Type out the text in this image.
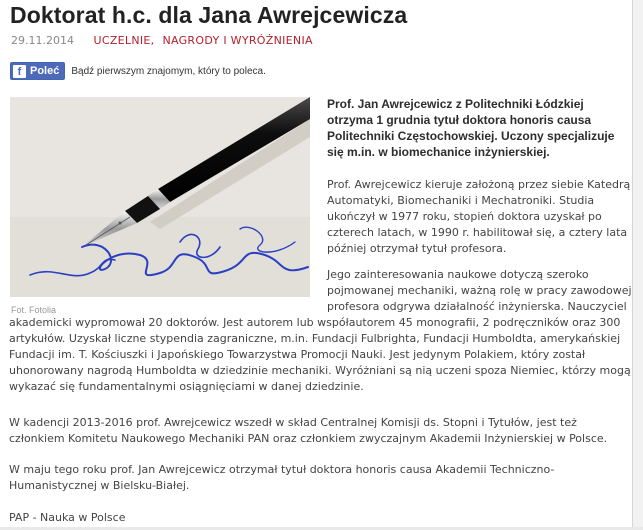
Doktorat h.c. dla Jana Awrejcewicza
29.11.2014 UCZELNIE, NAGRODY I WYRÓŻNIENIA
f Poleć Bądź pierwszym znajomym, który to poleca.
Fot. Fotolia

Prof. Jan Awrejcewicz z Politechniki Łódzkiej otrzyma 1 grudnia tytuł doktora honoris causa Politechniki Częstochowskiej. Uczony specjalizuje się m.in. w biomechanice inżynierskiej.

Prof. Awrejcewicz kieruje założoną przez siebie Katedrą Automatyki, Biomechaniki i Mechatroniki. Studia ukończył w 1977 roku, stopień doktora uzyskał po czterech latach, w 1990 r. habilitował się, a cztery lata później otrzymał tytuł profesora.

Jego zainteresowania naukowe dotyczą szeroko pojmowanej mechaniki, ważną rolę w pracy zawodowej profesora odgrywa działalność inżynierska. Nauczyciel akademicki wypromował 20 doktorów. Jest autorem lub współautorem 45 monografii, 2 podręczników oraz 300 artykułów. Uzyskał liczne stypendia zagraniczne, m.in. Fundacji Fulbrighta, Fundacji Humboldta, amerykańskiej Fundacji im. T. Kościuszki i Japońskiego Towarzystwa Promocji Nauki. Jest jedynym Polakiem, który został uhonorowany nagrodą Humboldta w dziedzinie mechaniki. Wyróżniani są nią uczeni spoza Niemiec, którzy mogą wykazać się fundamentalnymi osiągnięciami w danej dziedzinie.

W kadencji 2013-2016 prof. Awrejcewicz wszedł w skład Centralnej Komisji ds. Stopni i Tytułów, jest też członkiem Komitetu Naukowego Mechaniki PAN oraz członkiem zwyczajnym Akademii Inżynierskiej w Polsce.

W maju tego roku prof. Jan Awrejcewicz otrzymał tytuł doktora honoris causa Akademii Techniczno-Humanistycznej w Bielsku-Białej.

PAP - Nauka w Polsce
